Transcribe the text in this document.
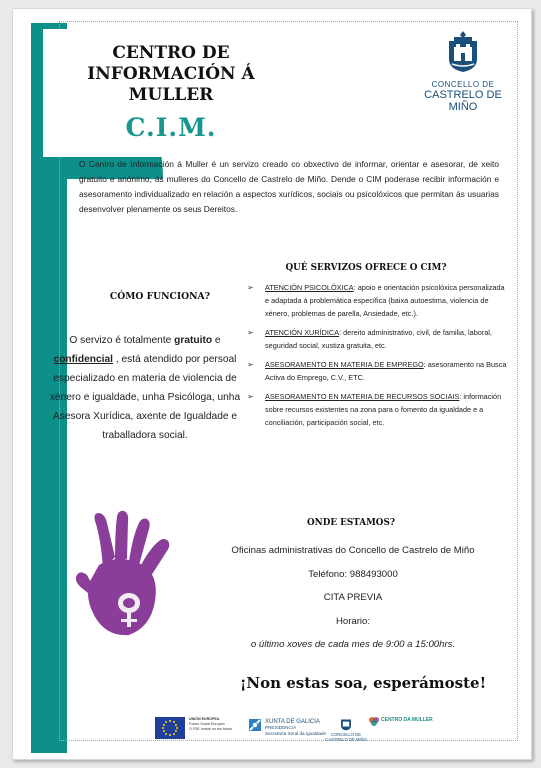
CENTRO DE INFORMACIÓN Á
MULLER
C.I.M.
CONCELLO DE
CASTRELO DE MIÑO
O Centro de Información á Muller é un servizo creado co obxectivo de informar, orientar e asesorar, de xeito gratuito e anónimo, ás mulleres do Concello de Castrelo de Miño. Dende o CIM poderase recibir información e asesoramento individualizado en relación a aspectos xurídicos, sociais ou psicolóxicos que permitan ás usuarias desenvolver plenamente os seus Dereitos.
CÓMO FUNCIONA?
O servizo é totalmente gratuito e confidencial , está atendido por persoal especializado en materia de violencia de xénero e igualdade, unha Psicóloga, unha Asesora Xurídica, axente de Igualdade e traballadora social.
QUÉ SERVIZOS OFRECE O CIM?
➢ ATENCIÓN PSICOLÓXICA: apoio e orientación psicolóxica personalizada e adaptada á problemática específica (baixa autoestima, violencia de xénero, problemas de parella, Ansiedade, etc.).
➢ ATENCIÓN XURÍDICA: dereito administrativo, civil, de familia, laboral, seguridad social, xustiza gratuita, etc.
➢ ASESORAMENTO EN MATERIA DE EMPREGO: asesoramento na Busca Activa do Emprego, C.V., ETC.
➢ ASESORAMENTO EN MATERIA DE RECURSOS SOCIAIS: información sobre recursos existentes na zona para o fomento da igualdade e a conciliación, participación social, etc.
ONDE ESTAMOS?
Oficinas administrativas do Concello de Castrelo de Miño
Teléfono: 988493000
CITA PREVIA
Horario:
o último xoves de cada mes de 9:00 a 15:00hrs.
¡Non estas soa, esperámoste!
UNIÓN EUROPEA
Fondo Social Europeo
O FSE inviste no teu futuro
XUNTA DE GALICIA
PRESIDENCIA
Secretaría Xeral da Igualdade	CONCELLO DE
CASTRELO DE MIÑO
CENTRO DA MULLER
